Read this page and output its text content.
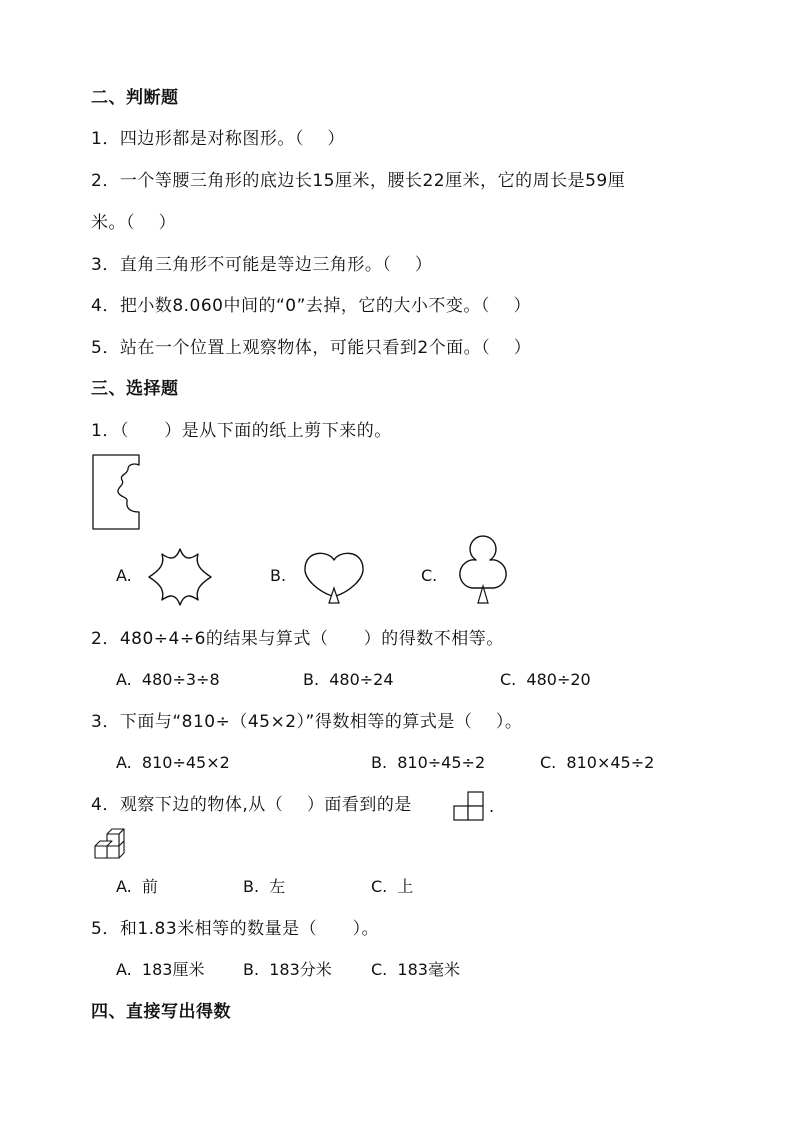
二、判断题
1．四边形都是对称图形。（    ）
2．一个等腰三角形的底边长15厘米，腰长22厘米，它的周长是59厘
米。（    ）
3．直角三角形不可能是等边三角形。（    ）
4．把小数8.060中间的“0”去掉，它的大小不变。（    ）
5．站在一个位置上观察物体，可能只看到2个面。（    ）
三、选择题
1．（      ）是从下面的纸上剪下来的。
A.	B.	C.
2．480÷4÷6的结果与算式（      ）的得数不相等。
A.  480÷3÷8	B.  480÷24	C.  480÷20
3．下面与“810÷（45×2）”得数相等的算式是（    ）。
A.  810÷45×2	B.  810÷45÷2	C.  810×45÷2
4．观察下边的物体,从（    ）面看到的是	.
A.  前	B.  左	C.  上
5．和1.83米相等的数量是（      ）。
A.  183厘米 B.  183分米 C.  183毫米
四、直接写出得数
